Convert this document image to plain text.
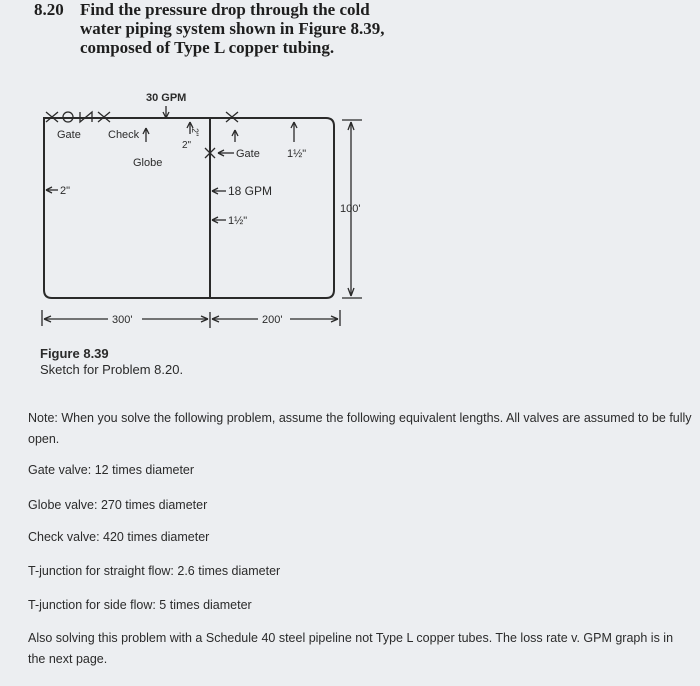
8.20 Find the pressure drop through the cold
water piping system shown in Figure 8.39,
composed of Type L copper tubing.
30 GPM
Gate Check
2"
2"
Globe
Gate 1½"
2"	18 GPM
1½"
100'
300'	200'
Figure 8.39
Sketch for Problem 8.20.

Note: When you solve the following problem, assume the following equivalent lengths. All valves are assumed to be fully open.

Gate valve: 12 times diameter

Globe valve: 270 times diameter

Check valve: 420 times diameter

T-junction for straight flow: 2.6 times diameter

T-junction for side flow: 5 times diameter

Also solving this problem with a Schedule 40 steel pipeline not Type L copper tubes. The loss rate v. GPM graph is in the next page.
